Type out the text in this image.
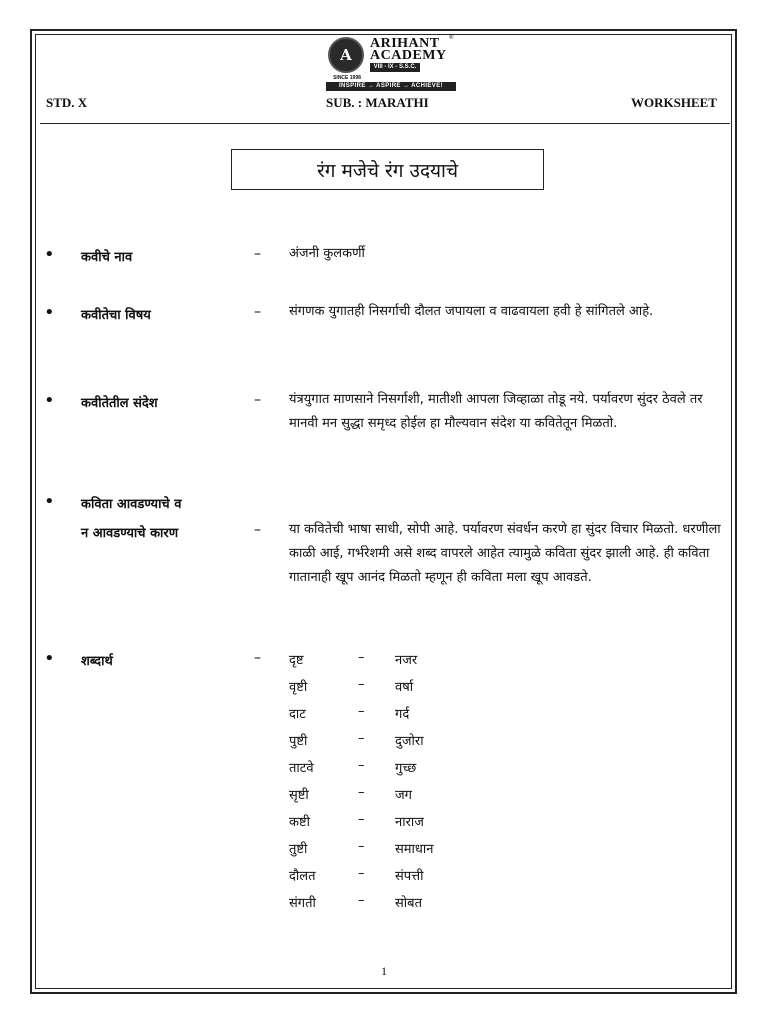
A
ARIHANT
ACADEMY
®
VIII - IX - S.S.C.
SINCE 1998
INSPIRE → ASPIRE → ACHIEVE!
STD. X	SUB. : MARATHI	WORKSHEET
रंग मजेचे रंग उदयाचे
• कवीचे नाव	– अंजनी कुलकर्णी
• कवीतेचा विषय	– संगणक युगातही निसर्गाची दौलत जपायला व वाढवायला हवी हे सांगितले आहे.
• कवीतेतील संदेश	– यंत्रयुगात माणसाने निसर्गाशी, मातीशी आपला जिव्हाळा तोडू नये. पर्यावरण सुंदर ठेवले तर मानवी मन सुद्धा समृध्द होईल हा मौल्यवान संदेश या कवितेतून मिळतो.
• कविता आवडण्याचे व
न आवडण्याचे कारण	– या कवितेची भाषा साधी, सोपी आहे. पर्यावरण संवर्धन करणे हा सुंदर विचार मिळतो. धरणीला काळी आई, गर्भरेशमी असे शब्द वापरले आहेत त्यामुळे कविता सुंदर झाली आहे. ही कविता गातानाही खूप आनंद मिळतो म्हणून ही कविता मला खूप आवडते.
• शब्दार्थ	– दृष्ट	– नजर
वृष्टी	– वर्षा
दाट	– गर्द
पुष्टी	– दुजोरा
ताटवे	– गुच्छ
सृष्टी	– जग
कष्टी	– नाराज
तुष्टी	– समाधान
दौलत	– संपत्ती
संगती	– सोबत
1
